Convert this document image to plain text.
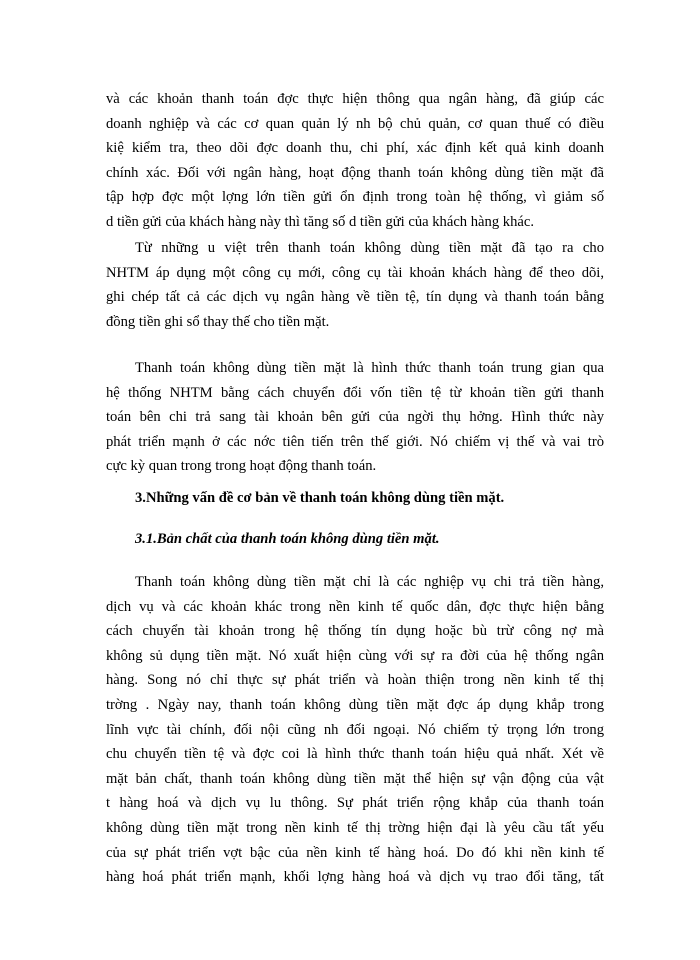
và các khoản thanh toán đợc thực hiện thông qua ngân hàng, đã giúp các
doanh nghiệp và các cơ quan quản lý nh bộ chủ quản, cơ quan thuế có điều
kiệ kiểm tra, theo dõi đợc doanh thu, chi phí, xác định kết quả kinh doanh
chính xác. Đối với ngân hàng, hoạt động thanh toán không dùng tiền mặt đã
tập hợp đợc một lợng lớn tiền gửi ổn định trong toàn hệ thống, vì giảm số
d tiền gửi của khách hàng này thì tăng số d tiền gửi của khách hàng khác.
Từ những u việt trên thanh toán không dùng tiền mặt đã tạo ra cho
NHTM áp dụng một công cụ mới, công cụ tài khoản khách hàng để theo dõi,
ghi chép tất cả các dịch vụ ngân hàng về tiền tệ, tín dụng và thanh toán bằng
đồng tiền ghi sổ thay thế cho tiền mặt.
Thanh toán không dùng tiền mặt là hình thức thanh toán trung gian qua
hệ thống NHTM bằng cách chuyển đổi vốn tiền tệ từ khoản tiền gửi thanh
toán bên chi trả sang tài khoản bên gửi của ngời thụ hởng. Hình thức này
phát triển mạnh ở các nớc tiên tiến trên thế giới. Nó chiếm vị thế và vai trò
cực kỳ quan trong trong hoạt động thanh toán.
3.Những vấn đề cơ bản về thanh toán không dùng tiền mặt.
3.1.Bản chất của thanh toán không dùng tiền mặt.
Thanh toán không dùng tiền mặt chỉ là các nghiệp vụ chi trả tiền hàng,
dịch vụ và các khoản khác trong nền kinh tế quốc dân, đợc thực hiện bằng
cách chuyển tài khoản trong hệ thống tín dụng hoặc bù trừ công nợ mà
không sủ dụng tiền mặt. Nó xuất hiện cùng với sự ra đời của hệ thống ngân
hàng. Song nó chỉ thực sự phát triển và hoàn thiện trong nền kinh tế thị
trờng . Ngày nay, thanh toán không dùng tiền mặt đợc áp dụng khắp trong
lĩnh vực tài chính, đối nội cũng nh đối ngoại. Nó chiếm tỷ trọng lớn trong
chu chuyển tiền tệ và đợc coi là hình thức thanh toán hiệu quả nhất. Xét về
mặt bản chất, thanh toán không dùng tiền mặt thể hiện sự vận động của vật
t hàng hoá và dịch vụ lu thông. Sự phát triển rộng khắp của thanh toán
không dùng tiền mặt trong nền kinh tế thị trờng hiện đại là yêu cầu tất yếu
của sự phát triển vợt bậc của nền kinh tế hàng hoá. Do đó khi nền kinh tế
hàng hoá phát triển mạnh, khối lợng hàng hoá và dịch vụ trao đổi tăng, tất
